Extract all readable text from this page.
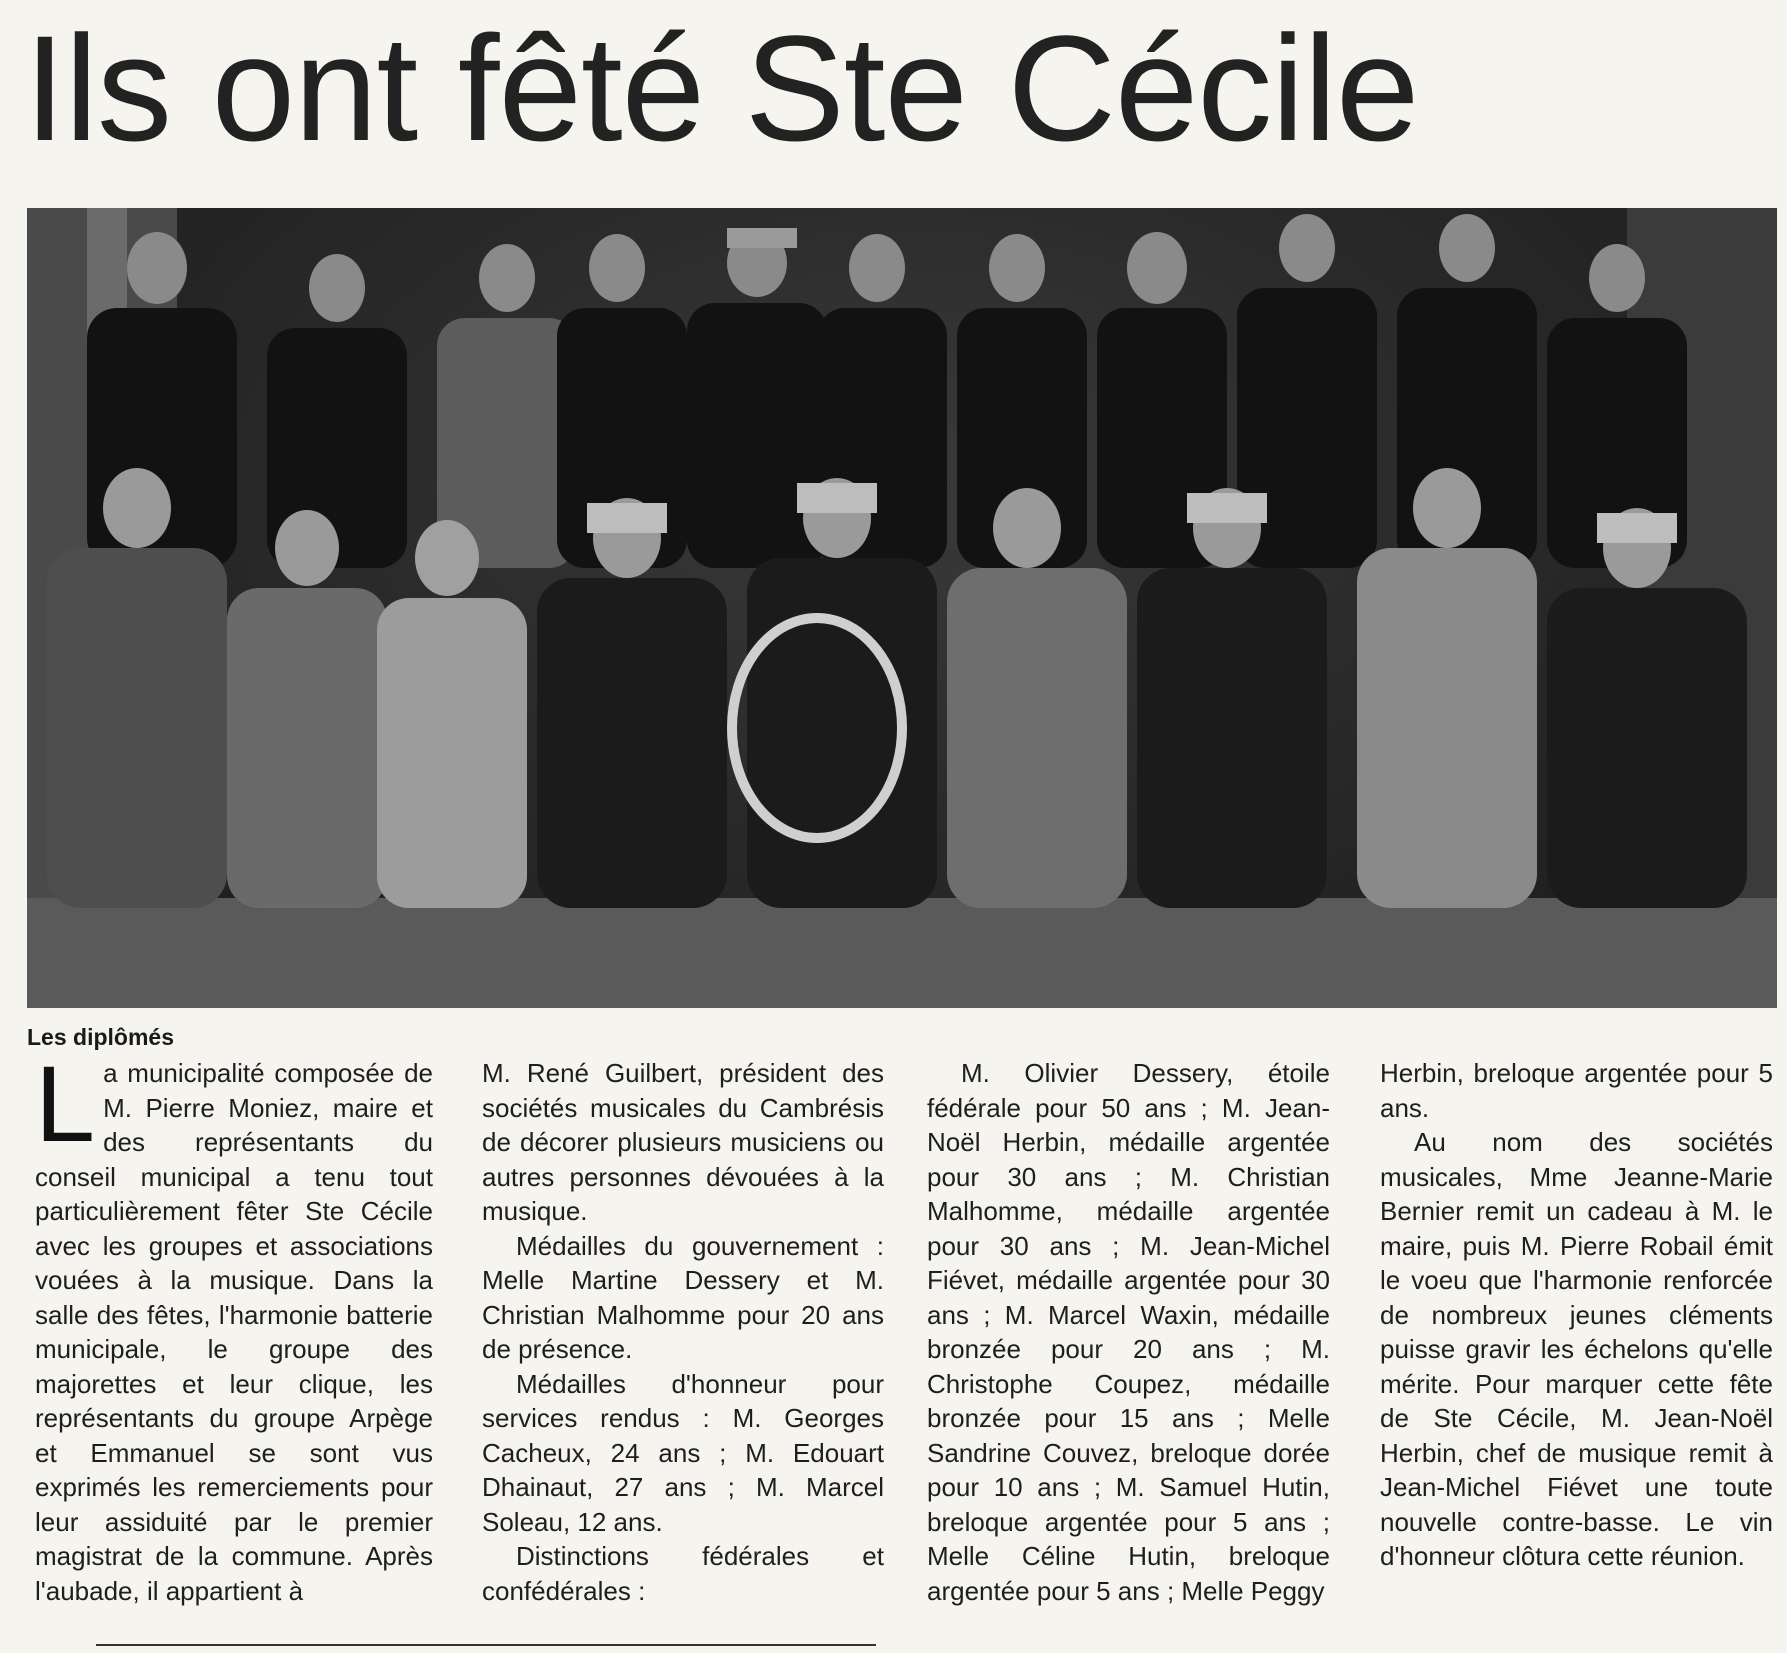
Ils ont fêté Ste Cécile
Les diplômés

La municipalité composée de M. Pierre Moniez, maire et des représentants du conseil municipal a tenu tout particulièrement fêter Ste Cécile avec les groupes et associations vouées à la musique. Dans la salle des fêtes, l'harmonie batterie municipale, le groupe des majorettes et leur clique, les représentants du groupe Arpège et Emmanuel se sont vus exprimés les remerciements pour leur assiduité par le premier magistrat de la commune. Après l'aubade, il appartient à

M. René Guilbert, président des sociétés musicales du Cambrésis de décorer plusieurs musiciens ou autres personnes dévouées à la musique.

Médailles du gouvernement : Melle Martine Dessery et M. Christian Malhomme pour 20 ans de présence.

Médailles d'honneur pour services rendus : M. Georges Cacheux, 24 ans ; M. Edouart Dhainaut, 27 ans ; M. Marcel Soleau, 12 ans.

Distinctions fédérales et confédérales :

M. Olivier Dessery, étoile fédérale pour 50 ans ; M. Jean-Noël Herbin, médaille argentée pour 30 ans ; M. Christian Malhomme, médaille argentée pour 30 ans ; M. Jean-Michel Fiévet, médaille argentée pour 30 ans ; M. Marcel Waxin, médaille bronzée pour 20 ans ; M. Christophe Coupez, médaille bronzée pour 15 ans ; Melle Sandrine Couvez, breloque dorée pour 10 ans ; M. Samuel Hutin, breloque argentée pour 5 ans ; Melle Céline Hutin, breloque argentée pour 5 ans ; Melle Peggy

Herbin, breloque argentée pour 5 ans.

Au nom des sociétés musicales, Mme Jeanne-Marie Bernier remit un cadeau à M. le maire, puis M. Pierre Robail émit le voeu que l'harmonie renforcée de nombreux jeunes cléments puisse gravir les échelons qu'elle mérite. Pour marquer cette fête de Ste Cécile, M. Jean-Noël Herbin, chef de musique remit à Jean-Michel Fiévet une toute nouvelle contre-basse. Le vin d'honneur clôtura cette réunion.
